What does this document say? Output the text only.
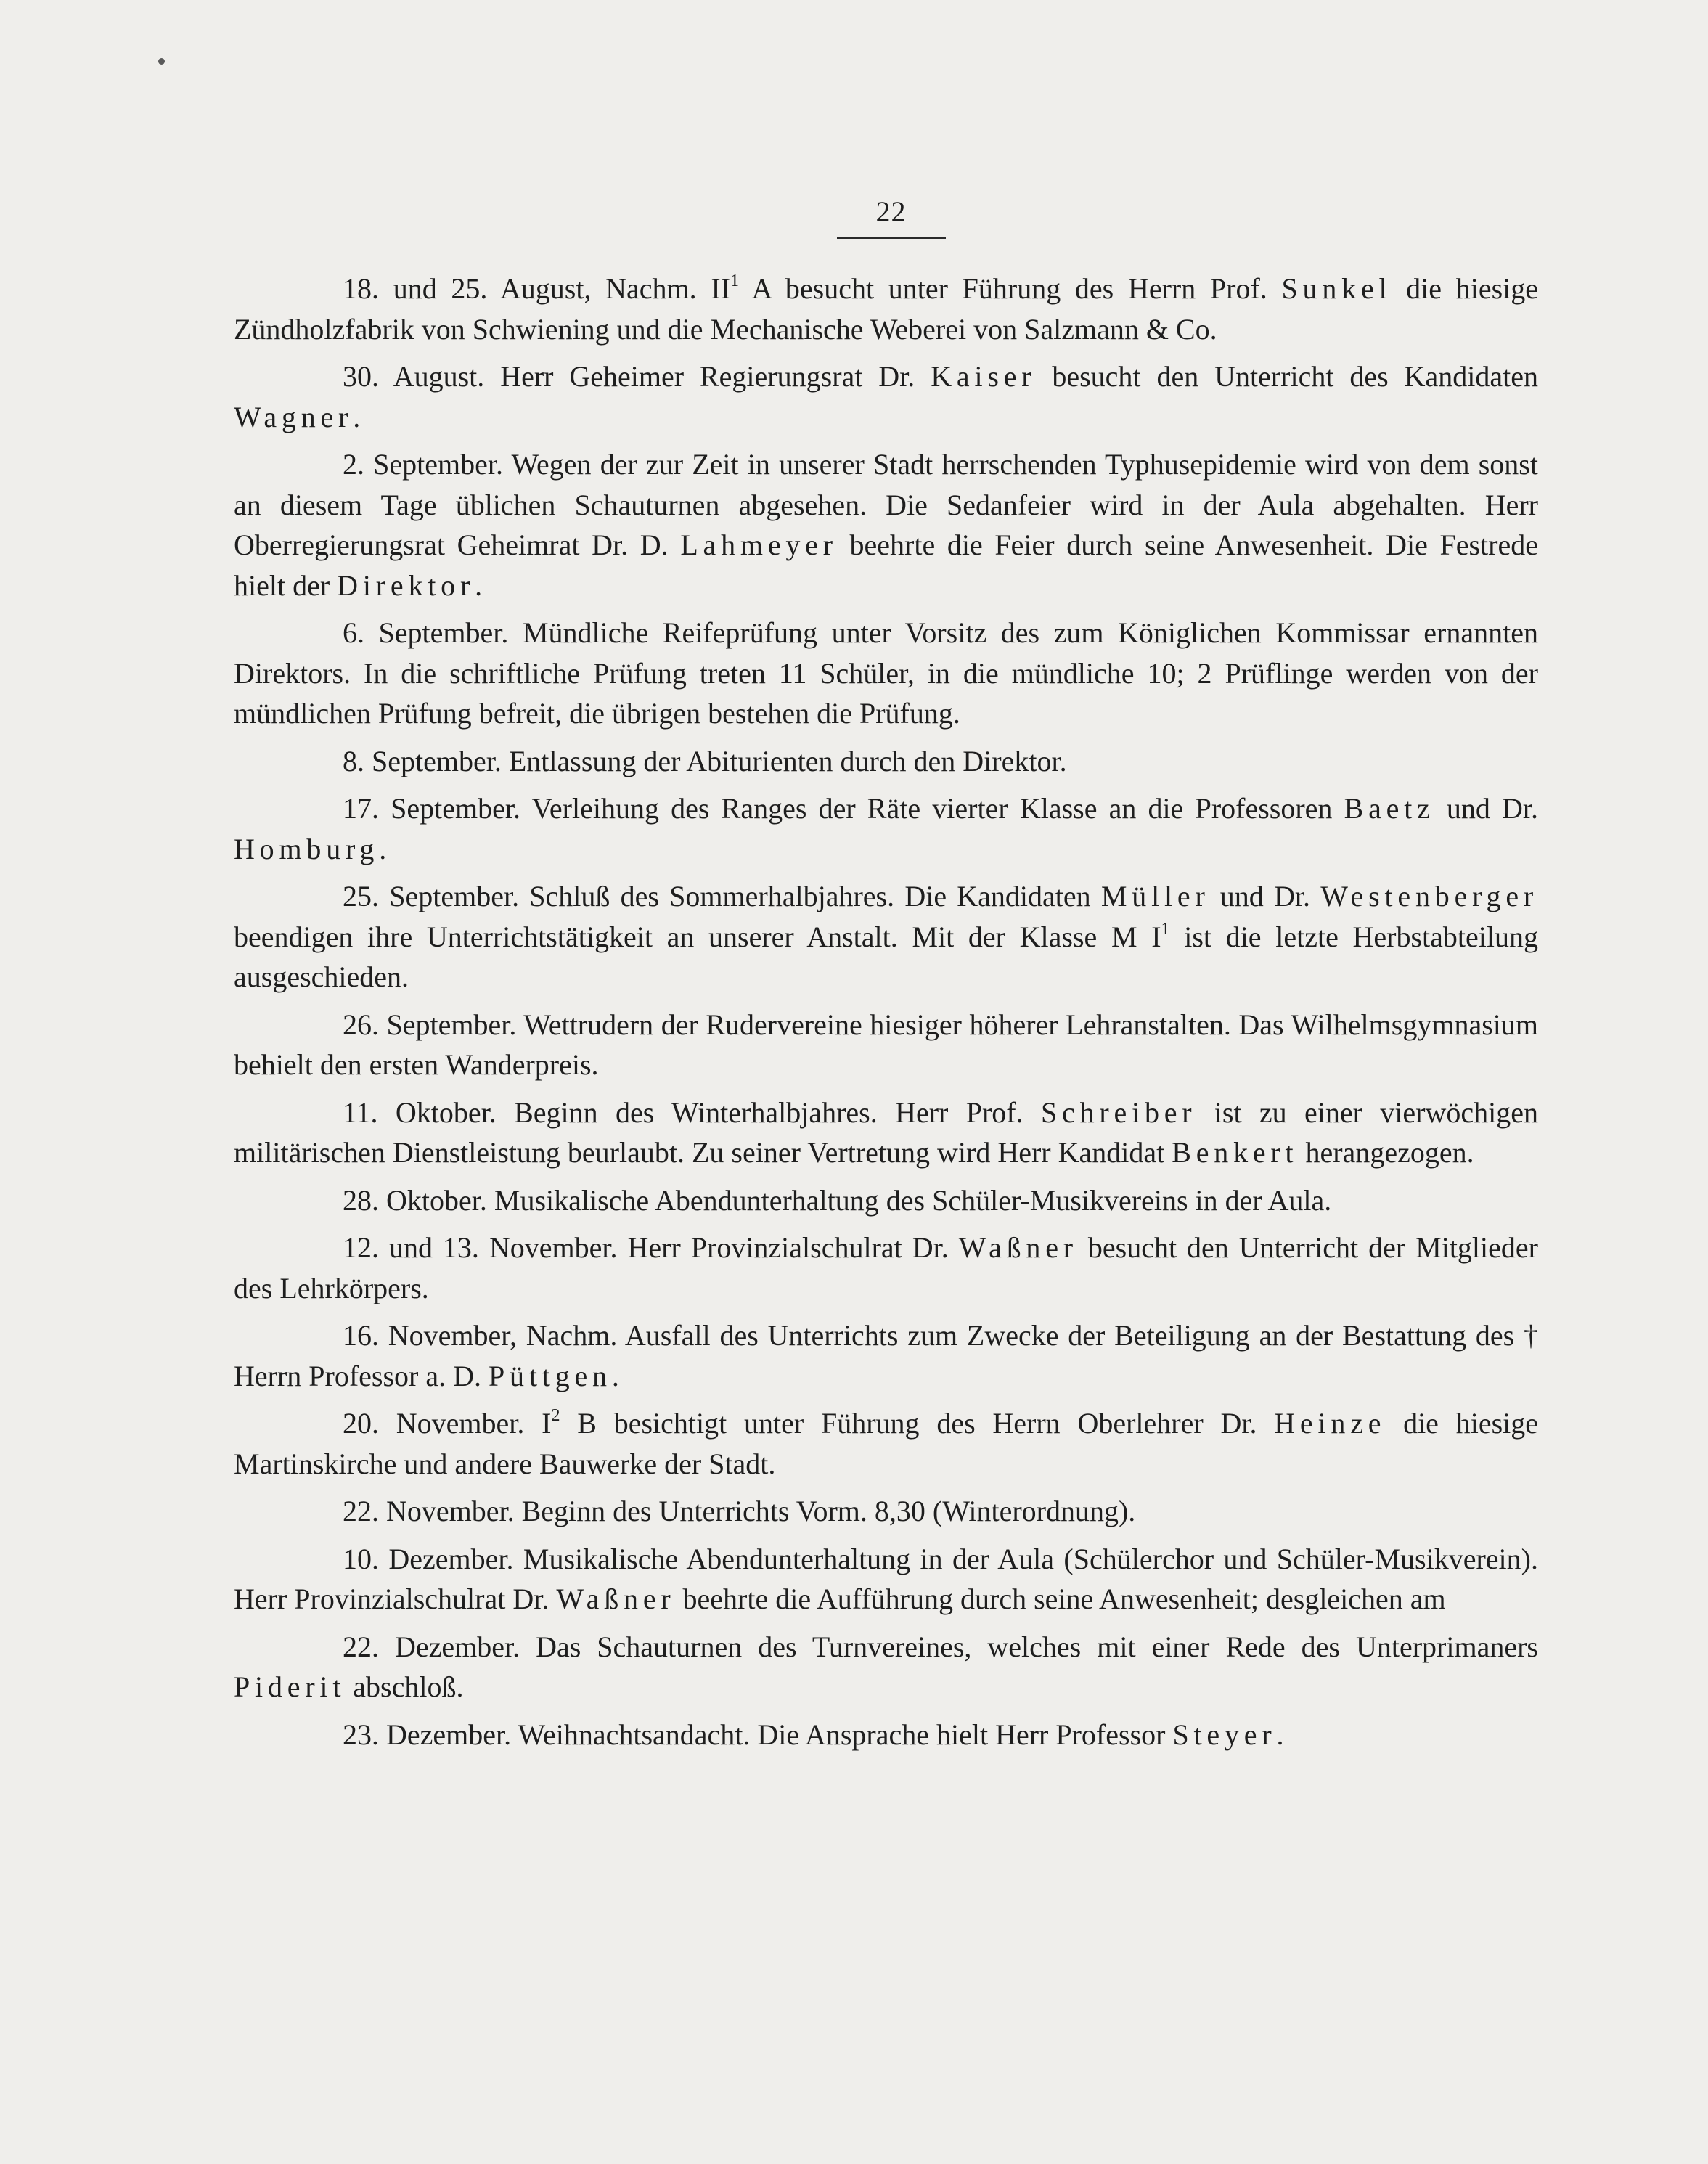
22

18. und 25. August, Nachm. $II^1$ A besucht unter Führung des Herrn Prof. Sunkel die hiesige Zündholzfabrik von Schwiening und die Mechanische Weberei von Salzmann & Co.

30. August. Herr Geheimer Regierungsrat Dr. Kaiser besucht den Unterricht des Kandidaten Wagner.

2. September. Wegen der zur Zeit in unserer Stadt herrschenden Typhusepidemie wird von dem sonst an diesem Tage üblichen Schauturnen abgesehen. Die Sedanfeier wird in der Aula abgehalten. Herr Oberregierungsrat Geheimrat Dr. D. Lahmeyer beehrte die Feier durch seine Anwesenheit. Die Festrede hielt der Direktor.

6. September. Mündliche Reifeprüfung unter Vorsitz des zum Königlichen Kommissar ernannten Direktors. In die schriftliche Prüfung treten 11 Schüler, in die mündliche 10; 2 Prüflinge werden von der mündlichen Prüfung befreit, die übrigen bestehen die Prüfung.

8. September. Entlassung der Abiturienten durch den Direktor.

17. September. Verleihung des Ranges der Räte vierter Klasse an die Professoren Baetz und Dr. Homburg.

25. September. Schluß des Sommerhalbjahres. Die Kandidaten Müller und Dr. Westenberger beendigen ihre Unterrichtstätigkeit an unserer Anstalt. Mit der Klasse M $I^1$ ist die letzte Herbstabteilung ausgeschieden.

26. September. Wettrudern der Rudervereine hiesiger höherer Lehranstalten. Das Wilhelmsgymnasium behielt den ersten Wanderpreis.

11. Oktober. Beginn des Winterhalbjahres. Herr Prof. Schreiber ist zu einer vierwöchigen militärischen Dienstleistung beurlaubt. Zu seiner Vertretung wird Herr Kandidat Benkert herangezogen.

28. Oktober. Musikalische Abendunterhaltung des Schüler-Musikvereins in der Aula.

12. und 13. November. Herr Provinzialschulrat Dr. Waßner besucht den Unterricht der Mitglieder des Lehrkörpers.

16. November, Nachm. Ausfall des Unterrichts zum Zwecke der Beteiligung an der Bestattung des † Herrn Professor a. D. Püttgen.

20. November. $I^2$ B besichtigt unter Führung des Herrn Oberlehrer Dr. Heinze die hiesige Martinskirche und andere Bauwerke der Stadt.

22. November. Beginn des Unterrichts Vorm. 8,30 (Winterordnung).

10. Dezember. Musikalische Abendunterhaltung in der Aula (Schülerchor und Schüler-Musikverein). Herr Provinzialschulrat Dr. Waßner beehrte die Aufführung durch seine Anwesenheit; desgleichen am

22. Dezember. Das Schauturnen des Turnvereines, welches mit einer Rede des Unterprimaners Piderit abschloß.

23. Dezember. Weihnachtsandacht. Die Ansprache hielt Herr Professor Steyer.
